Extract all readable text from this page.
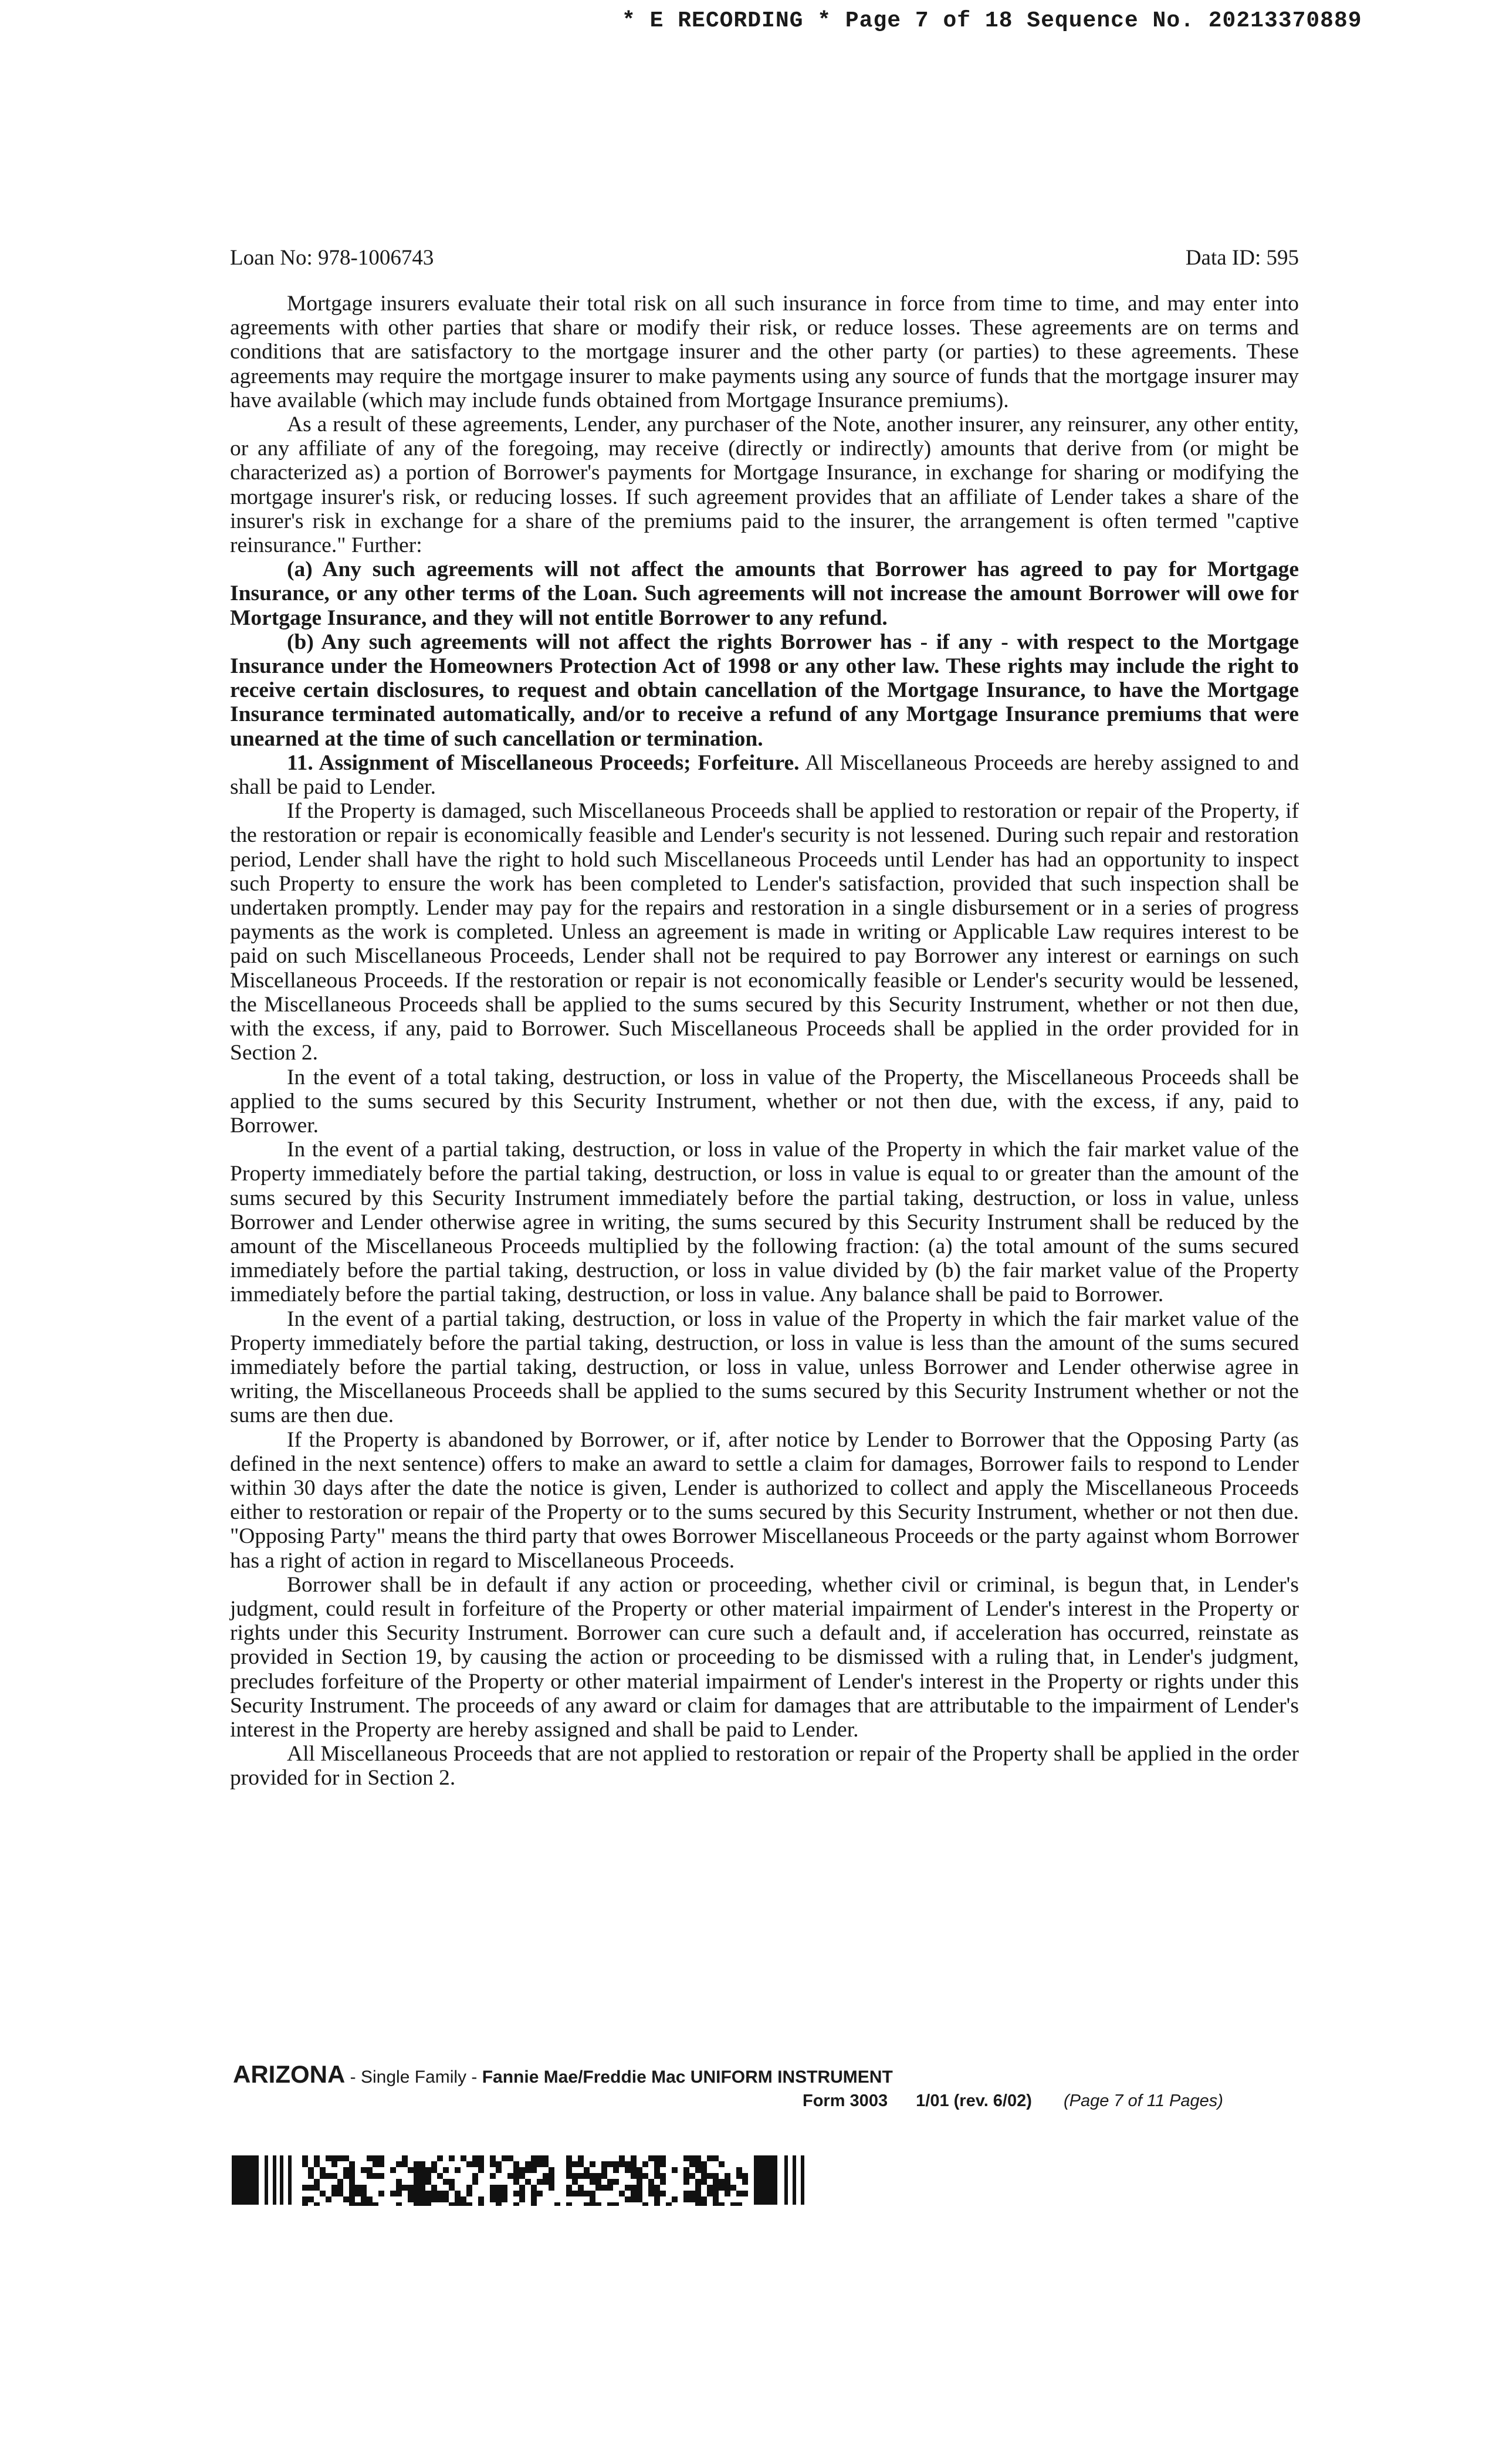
* E RECORDING * Page 7 of 18 Sequence No. 20213370889
Loan No: 978-1006743	Data ID: 595

Mortgage insurers evaluate their total risk on all such insurance in force from time to time, and may enter into agreements with other parties that share or modify their risk, or reduce losses. These agreements are on terms and conditions that are satisfactory to the mortgage insurer and the other party (or parties) to these agreements. These agreements may require the mortgage insurer to make payments using any source of funds that the mortgage insurer may have available (which may include funds obtained from Mortgage Insurance premiums).

As a result of these agreements, Lender, any purchaser of the Note, another insurer, any reinsurer, any other entity, or any affiliate of any of the foregoing, may receive (directly or indirectly) amounts that derive from (or might be characterized as) a portion of Borrower's payments for Mortgage Insurance, in exchange for sharing or modifying the mortgage insurer's risk, or reducing losses. If such agreement provides that an affiliate of Lender takes a share of the insurer's risk in exchange for a share of the premiums paid to the insurer, the arrangement is often termed "captive reinsurance." Further:

(a) Any such agreements will not affect the amounts that Borrower has agreed to pay for Mortgage Insurance, or any other terms of the Loan. Such agreements will not increase the amount Borrower will owe for Mortgage Insurance, and they will not entitle Borrower to any refund.

(b) Any such agreements will not affect the rights Borrower has - if any - with respect to the Mortgage Insurance under the Homeowners Protection Act of 1998 or any other law. These rights may include the right to receive certain disclosures, to request and obtain cancellation of the Mortgage Insurance, to have the Mortgage Insurance terminated automatically, and/or to receive a refund of any Mortgage Insurance premiums that were unearned at the time of such cancellation or termination.

11. Assignment of Miscellaneous Proceeds; Forfeiture. All Miscellaneous Proceeds are hereby assigned to and shall be paid to Lender.

If the Property is damaged, such Miscellaneous Proceeds shall be applied to restoration or repair of the Property, if the restoration or repair is economically feasible and Lender's security is not lessened. During such repair and restoration period, Lender shall have the right to hold such Miscellaneous Proceeds until Lender has had an opportunity to inspect such Property to ensure the work has been completed to Lender's satisfaction, provided that such inspection shall be undertaken promptly. Lender may pay for the repairs and restoration in a single disbursement or in a series of progress payments as the work is completed. Unless an agreement is made in writing or Applicable Law requires interest to be paid on such Miscellaneous Proceeds, Lender shall not be required to pay Borrower any interest or earnings on such Miscellaneous Proceeds. If the restoration or repair is not economically feasible or Lender's security would be lessened, the Miscellaneous Proceeds shall be applied to the sums secured by this Security Instrument, whether or not then due, with the excess, if any, paid to Borrower. Such Miscellaneous Proceeds shall be applied in the order provided for in Section 2.

In the event of a total taking, destruction, or loss in value of the Property, the Miscellaneous Proceeds shall be applied to the sums secured by this Security Instrument, whether or not then due, with the excess, if any, paid to Borrower.

In the event of a partial taking, destruction, or loss in value of the Property in which the fair market value of the Property immediately before the partial taking, destruction, or loss in value is equal to or greater than the amount of the sums secured by this Security Instrument immediately before the partial taking, destruction, or loss in value, unless Borrower and Lender otherwise agree in writing, the sums secured by this Security Instrument shall be reduced by the amount of the Miscellaneous Proceeds multiplied by the following fraction: (a) the total amount of the sums secured immediately before the partial taking, destruction, or loss in value divided by (b) the fair market value of the Property immediately before the partial taking, destruction, or loss in value. Any balance shall be paid to Borrower.

In the event of a partial taking, destruction, or loss in value of the Property in which the fair market value of the Property immediately before the partial taking, destruction, or loss in value is less than the amount of the sums secured immediately before the partial taking, destruction, or loss in value, unless Borrower and Lender otherwise agree in writing, the Miscellaneous Proceeds shall be applied to the sums secured by this Security Instrument whether or not the sums are then due.

If the Property is abandoned by Borrower, or if, after notice by Lender to Borrower that the Opposing Party (as defined in the next sentence) offers to make an award to settle a claim for damages, Borrower fails to respond to Lender within 30 days after the date the notice is given, Lender is authorized to collect and apply the Miscellaneous Proceeds either to restoration or repair of the Property or to the sums secured by this Security Instrument, whether or not then due. "Opposing Party" means the third party that owes Borrower Miscellaneous Proceeds or the party against whom Borrower has a right of action in regard to Miscellaneous Proceeds.

Borrower shall be in default if any action or proceeding, whether civil or criminal, is begun that, in Lender's judgment, could result in forfeiture of the Property or other material impairment of Lender's interest in the Property or rights under this Security Instrument. Borrower can cure such a default and, if acceleration has occurred, reinstate as provided in Section 19, by causing the action or proceeding to be dismissed with a ruling that, in Lender's judgment, precludes forfeiture of the Property or other material impairment of Lender's interest in the Property or rights under this Security Instrument. The proceeds of any award or claim for damages that are attributable to the impairment of Lender's interest in the Property are hereby assigned and shall be paid to Lender.

All Miscellaneous Proceeds that are not applied to restoration or repair of the Property shall be applied in the order provided for in Section 2.

ARIZONA - Single Family - Fannie Mae/Freddie Mac UNIFORM INSTRUMENT
Form 3003 1/01 (rev. 6/02) (Page 7 of 11 Pages)
